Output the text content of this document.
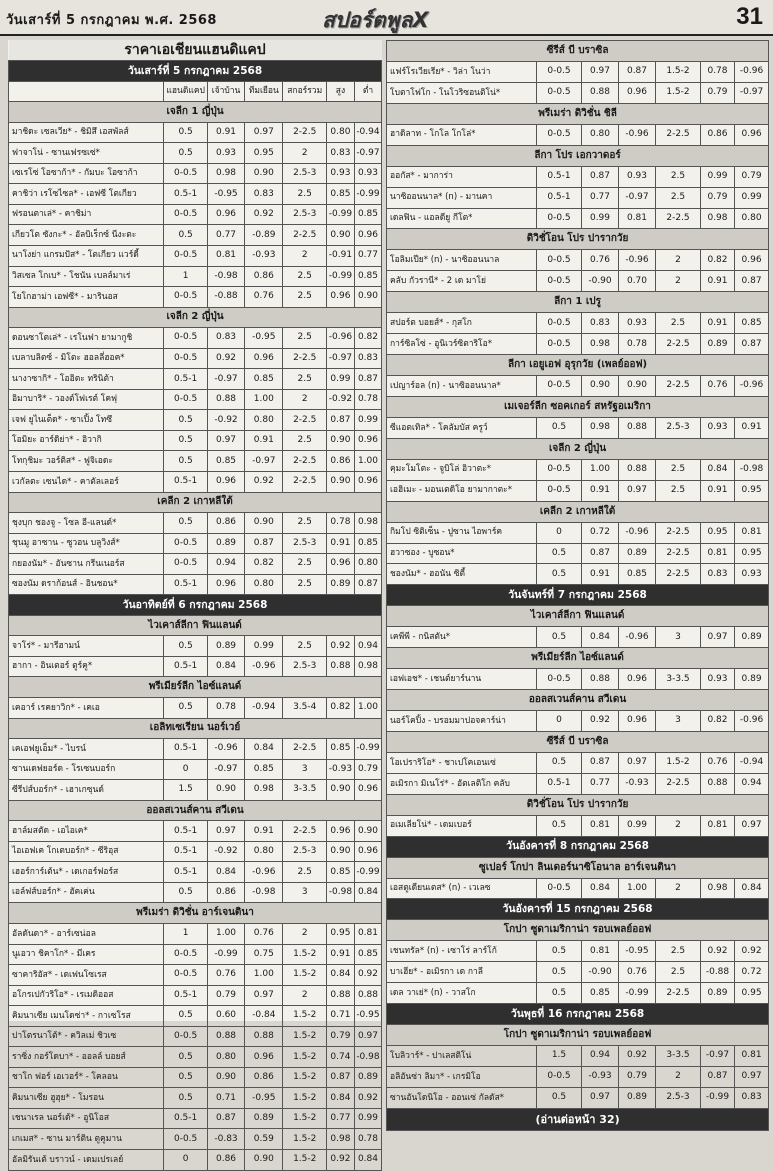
วันเสาร์ที่ 5 กรกฎาคม พ.ศ. 2568	สปอร์ตพูลX	31
ราคาเอเชียนแฮนดิแคป						
วันเสาร์ที่ 5 กรกฎาคม 2568						
	แฮนดิแคป	เจ้าบ้าน	ทีมเยือน	สกอร์รวม	สูง	ต่ำ
เจลีก 1 ญี่ปุ่น						
มาชิดะ เซลเวีย* - ชิมิสึ เอสพัลส์	0.5	0.91	0.97	2-2.5	0.80	-0.94
ฟาจาโน่ - ซานเฟรซเซ่*	0.5	0.93	0.95	2	0.83	-0.97
เซเรโซ่ โอซาก้า* - กัมบะ โอซาก้า	0-0.5	0.98	0.90	2.5-3	0.93	0.93
คาชิว่า เรโซไซล* - เอฟซี โตเกียว	0.5-1	-0.95	0.83	2.5	0.85	-0.99
ฟรอนตาเล่* - คาชิม่า	0-0.5	0.96	0.92	2.5-3	-0.99	0.85
เกียวโต ซังกะ* - อัลบิเร็กซ์ นีงะตะ	0.5	0.77	-0.89	2-2.5	0.90	0.96
นาโงย่า แกรมปัส* - โตเกียว แวร์ดี้	0-0.5	0.81	-0.93	2	-0.91	0.77
วิสเซล โกเบ* - โชนัน เบลล์มาเร่	1	-0.98	0.86	2.5	-0.99	0.85
โยโกฮาม่า เอฟซี* - มารินอส	0-0.5	-0.88	0.76	2.5	0.96	0.90
เจลีก 2 ญี่ปุ่น						
ดอนซาโตเล่* - เรโนฟา ยามากูชิ	0-0.5	0.83	-0.95	2.5	-0.96	0.82
เบลาบลิตซ์ - มิโตะ ฮอลลี่ฮอค*	0-0.5	0.92	0.96	2-2.5	-0.97	0.83
นางาซากิ* - โออิตะ ทรินิต้า	0.5-1	-0.97	0.85	2.5	0.99	0.87
อิมาบาริ* - วองต์โฟเรต์ โคฟุ	0-0.5	0.88	1.00	2	-0.92	0.78
เจฟ ยูไนเต็ด* - ซาเปิ้ง โทซึ	0.5	-0.92	0.80	2-2.5	0.87	0.99
โอมิยะ อาร์ดิย่า* - อิวากิ	0.5	0.97	0.91	2.5	0.90	0.96
โทกุชิมะ วอร์ติส* - ฟูจิเอดะ	0.5	0.85	-0.97	2-2.5	0.86	1.00
เวกัลตะ เซนได* - คาตัลเลอร์	0.5-1	0.96	0.92	2-2.5	0.90	0.96
เคลีก 2 เกาหลีใต้						
ชุงบุก ชองจู - โซล อี-แลนด์*	0.5	0.86	0.90	2.5	0.78	0.98
ชุนมู อาซาน - ซูวอน บลูวิงส์*	0-0.5	0.89	0.87	2.5-3	0.91	0.85
กยองนัม* - อันซาน กรีนเนอร์ส	0-0.5	0.94	0.82	2.5	0.96	0.80
ซองนัม ดราก้อนส์ - อินชอน*	0.5-1	0.96	0.80	2.5	0.89	0.87
วันอาทิตย์ที่ 6 กรกฎาคม 2568						
ไวเคาส์ลีกา ฟินแลนด์						
จาโร่* - มารีฮามน์	0.5	0.89	0.99	2.5	0.92	0.94
ฮากา - อินเตอร์ ตูร์คู*	0.5-1	0.84	-0.96	2.5-3	0.88	0.98
พรีเมียร์ลีก ไอซ์แลนด์						
เคอาร์ เรคยาวิก* - เคเอ	0.5	0.78	-0.94	3.5-4	0.82	1.00
เอลิทเซเรียน นอร์เวย์						
เคเอฟยูเอ็ม* - ไบรน์	0.5-1	-0.96	0.84	2-2.5	0.85	-0.99
ซานเดฟยอร์ด - โรเซนบอร์ก	0	-0.97	0.85	3	-0.93	0.79
ซีรีปส์บอร์ก* - เฮาเกซุนด์	1.5	0.90	0.98	3-3.5	0.90	0.96
ออลสเวนส์คาน สวีเดน						
ฮาล์มสตัด - เอไอเค*	0.5-1	0.97	0.91	2-2.5	0.96	0.90
ไอเอฟเค โกเตบอร์ก* - ซีริอุส	0.5-1	-0.92	0.80	2.5-3	0.90	0.96
เฮอร์การ์เต้น* - เดเกอร์ฟอร์ส	0.5-1	0.84	-0.96	2.5	0.85	-0.99
เอล์ฟส์บอร์ก* - ฮัคเค่น	0.5	0.86	-0.98	3	-0.98	0.84
พรีเมร่า ดิวิชั่น อาร์เจนตินา						
อัลดันดา* - อาร์เซน่อล	1	1.00	0.76	2	0.95	0.81
นูเอวา ชิคาโก* - มีเคร	0-0.5	-0.99	0.75	1.5-2	0.91	0.85
ซาคาริอัส* - เดเฟนโซเรส	0-0.5	0.76	1.00	1.5-2	0.84	0.92
อโกรเปกัวริโอ* - เรเมดิออส	0.5-1	0.79	0.97	2	0.88	0.88
คิมนาเซีย เมนโดซ่า* - กาเซโรส	0.5	0.60	-0.84	1.5-2	0.71	-0.95
ปาโตรนาโต้* - ควิลเม่ ชิวเซ	0-0.5	0.88	0.88	1.5-2	0.79	0.97
ราซิ่ง กอร์โดบา* - ออลล์ บอยส์	0.5	0.80	0.96	1.5-2	0.74	-0.98
ชาโก ฟอร์ เอเวอร์* - โคลอน	0.5	0.90	0.86	1.5-2	0.87	0.89
คิมนาเซีย ฮูฮุย* - โมรอน	0.5	0.71	-0.95	1.5-2	0.84	0.92
เชนาเรล นอร์เด้* - อูนิโอส	0.5-1	0.87	0.89	1.5-2	0.77	0.99
เกเมส* - ซาน มาร์ติน ตูคูมาน	0-0.5	-0.83	0.59	1.5-2	0.98	0.78
อัลมิรันเต้ บราวน์ - เดมเปรเลย์	0	0.86	0.90	1.5-2	0.92	0.84
ซีรีส์ บี บราซิล						
แฟร์โรเวียเรีย* - วิล่า โนว่า	0-0.5	0.97	0.87	1.5-2	0.78	-0.96
โบตาโฟโก - โนโวริซอนติโน่*	0-0.5	0.88	0.96	1.5-2	0.79	-0.97
พรีเมร่า ดิวิชั่น ชิลี						
ฮาดิลาท - โกโล โกโล่*	0-0.5	0.80	-0.96	2-2.5	0.86	0.96
ลีกา โปร เอกวาดอร์						
ออกัส* - มาการ่า	0.5-1	0.87	0.93	2.5	0.99	0.79
นาซิออนนาล* (n) - มานคา	0.5-1	0.77	-0.97	2.5	0.79	0.99
เดลฟิน - แอลดียู กีโต*	0-0.5	0.99	0.81	2-2.5	0.98	0.80
ดิวิชั่โอน โปร ปารากวัย						
โอลิมเปีย* (n) - นาซิออนนาล	0-0.5	0.76	-0.96	2	0.82	0.96
คลับ กัวรานี* - 2 เด มาโย่	0-0.5	-0.90	0.70	2	0.91	0.87
ลีกา 1 เปรู						
สปอร์ต บอยส์* - กุสโก	0-0.5	0.83	0.93	2.5	0.91	0.85
การ์ซิลโซ่ - อูนิเวร์ซิตาริโอ*	0-0.5	0.98	0.78	2-2.5	0.89	0.87
ลีกา เอยูเอฟ อุรุกวัย (เพลย์ออฟ)						
เปญาร์อล (n) - นาซิออนนาล*	0-0.5	0.90	0.90	2-2.5	0.76	-0.96
เมเจอร์ลีก ซอคเกอร์ สหรัฐอเมริกา						
ซีแอตเทิล* - โคลัมบัส ครูว์	0.5	0.98	0.88	2.5-3	0.93	0.91
เจลีก 2 ญี่ปุ่น						
คุมะโมโตะ - จูบิโล่ อิวาตะ*	0-0.5	1.00	0.88	2.5	0.84	-0.98
เอฮิเมะ - มอนเตดิโอ ยามากาตะ*	0-0.5	0.91	0.97	2.5	0.91	0.95
เคลีก 2 เกาหลีใต้						
กิมโป ซิติเซ็น - ปูซาน ไอพาร์ค	0	0.72	-0.96	2-2.5	0.95	0.81
ฮวาซอง - บูซอน*	0.5	0.87	0.89	2-2.5	0.81	0.95
ชองนัม* - ฮอนัน ซิตี้	0.5	0.91	0.85	2-2.5	0.83	0.93
วันจันทร์ที่ 7 กรกฎาคม 2568						
ไวเคาส์ลีกา ฟินแลนด์						
เคพีพี - กนิสตัน*	0.5	0.84	-0.96	3	0.97	0.89
พรีเมียร์ลีก ไอซ์แลนด์						
เอฟเอช* - เชนต์ยาร์นาน	0-0.5	0.88	0.96	3-3.5	0.93	0.89
ออลสเวนส์คาน สวีเดน						
นอร์โคปิ้ง - บรอมมาปอจคาร์น่า	0	0.92	0.96	3	0.82	-0.96
ซีรีส์ บี บราซิล						
โอเปราริโอ* - ชาเปโคเอนเซ่	0.5	0.87	0.97	1.5-2	0.76	-0.94
อเมิรกา มิเนโร่* - อัตเลติโก คลับ	0.5-1	0.77	-0.93	2-2.5	0.88	0.94
ดิวิชั่โอน โปร ปารากวัย						
อเมเลียโน่* - เดมเบอร์	0.5	0.81	0.99	2	0.81	0.97
วันอังคารที่ 8 กรกฎาคม 2568						
ซูเปอร์ โกปา ลินเดอร์นาซิโอนาล อาร์เจนตินา						
เอสตูเดียนเตส* (n) - เวเลซ	0-0.5	0.84	1.00	2	0.98	0.84
วันอังคารที่ 15 กรกฎาคม 2568						
โกปา ซูดาเมริกาน่า รอบเพลย์ออฟ						
เชนทรัล* (n) - เซาโร่ ลาร์โก้	0.5	0.81	-0.95	2.5	0.92	0.92
บาเฮีย* - อเมิรกา เด กาลี	0.5	-0.90	0.76	2.5	-0.88	0.72
เดล วาเย่* (n) - วาสโก	0.5	0.85	-0.99	2-2.5	0.89	0.95
วันพุธที่ 16 กรกฎาคม 2568						
โกปา ซูดาเมริกาน่า รอบเพลย์ออฟ						
โบลิวาร์* - ปาเลสติโน่	1.5	0.94	0.92	3-3.5	-0.97	0.81
อลิอันซ่า ลิมา* - เกรมิโอ	0-0.5	-0.93	0.79	2	0.87	0.97
ซานอันโดนิโอ - ออนเซ่ กัลดัส*	0.5	0.97	0.89	2.5-3	-0.99	0.83
(อ่านต่อหน้า 32)						
